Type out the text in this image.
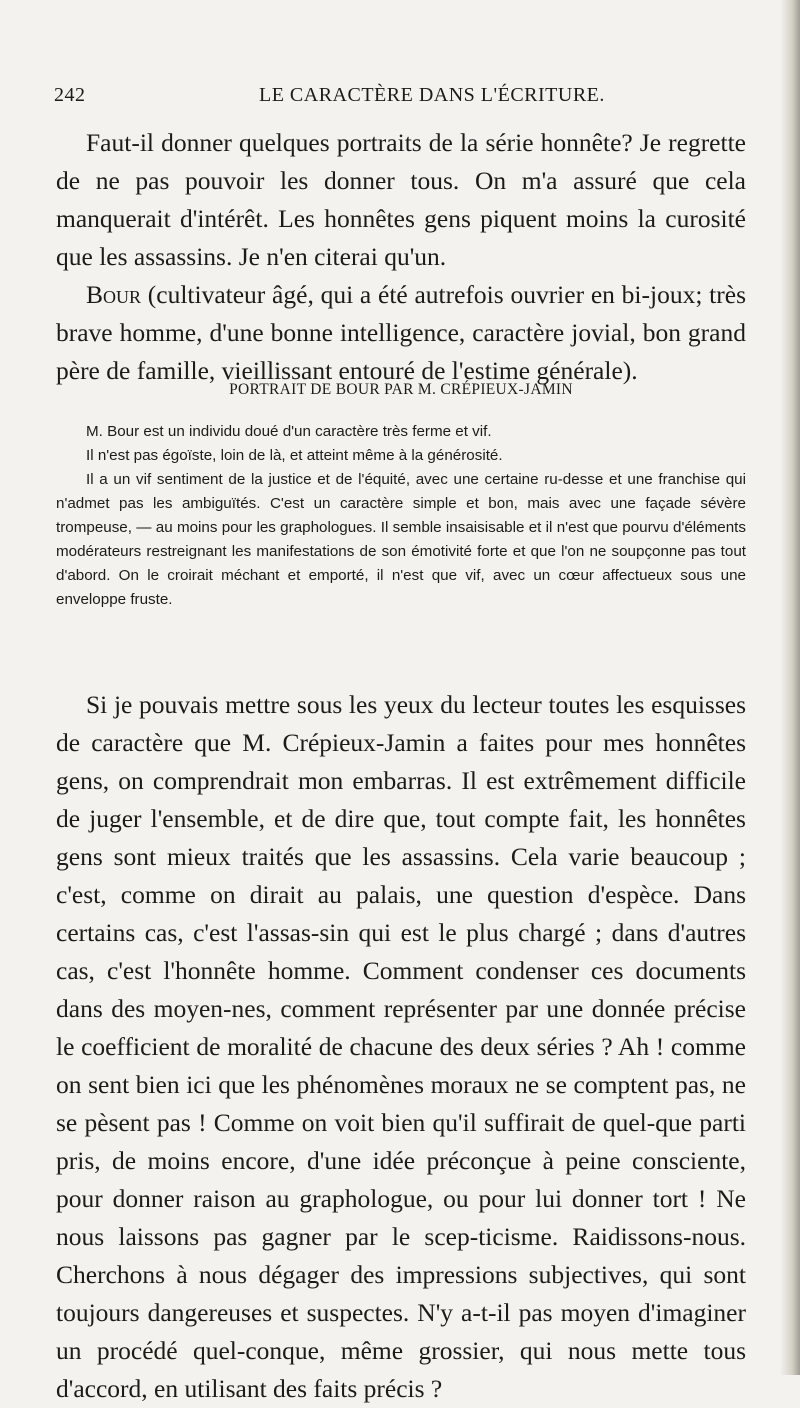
242	LE CARACTÈRE DANS L'ÉCRITURE.

Faut-il donner quelques portraits de la série honnête? Je regrette de ne pas pouvoir les donner tous. On m'a assuré que cela manquerait d'intérêt. Les honnêtes gens piquent moins la curosité que les assassins. Je n'en citerai qu'un.

Bour (cultivateur âgé, qui a été autrefois ouvrier en bi-joux; très brave homme, d'une bonne intelligence, caractère jovial, bon grand père de famille, vieillissant entouré de l'estime générale).

PORTRAIT DE BOUR PAR M. CRÉPIEUX-JAMIN

M. Bour est un individu doué d'un caractère très ferme et vif.

Il n'est pas égoïste, loin de là, et atteint même à la générosité.

Il a un vif sentiment de la justice et de l'équité, avec une certaine ru-desse et une franchise qui n'admet pas les ambiguïtés. C'est un caractère simple et bon, mais avec une façade sévère trompeuse, — au moins pour les graphologues. Il semble insaisisable et il n'est que pourvu d'éléments modérateurs restreignant les manifestations de son émotivité forte et que l'on ne soupçonne pas tout d'abord. On le croirait méchant et emporté, il n'est que vif, avec un cœur affectueux sous une enveloppe fruste.

Si je pouvais mettre sous les yeux du lecteur toutes les esquisses de caractère que M. Crépieux-Jamin a faites pour mes honnêtes gens, on comprendrait mon embarras. Il est extrêmement difficile de juger l'ensemble, et de dire que, tout compte fait, les honnêtes gens sont mieux traités que les assassins. Cela varie beaucoup ; c'est, comme on dirait au palais, une question d'espèce. Dans certains cas, c'est l'assas-sin qui est le plus chargé ; dans d'autres cas, c'est l'honnête homme. Comment condenser ces documents dans des moyen-nes, comment représenter par une donnée précise le coefficient de moralité de chacune des deux séries ? Ah ! comme on sent bien ici que les phénomènes moraux ne se comptent pas, ne se pèsent pas ! Comme on voit bien qu'il suffirait de quel-que parti pris, de moins encore, d'une idée préconçue à peine consciente, pour donner raison au graphologue, ou pour lui donner tort ! Ne nous laissons pas gagner par le scep-ticisme. Raidissons-nous. Cherchons à nous dégager des impressions subjectives, qui sont toujours dangereuses et suspectes. N'y a-t-il pas moyen d'imaginer un procédé quel-conque, même grossier, qui nous mette tous d'accord, en utilisant des faits précis ?
